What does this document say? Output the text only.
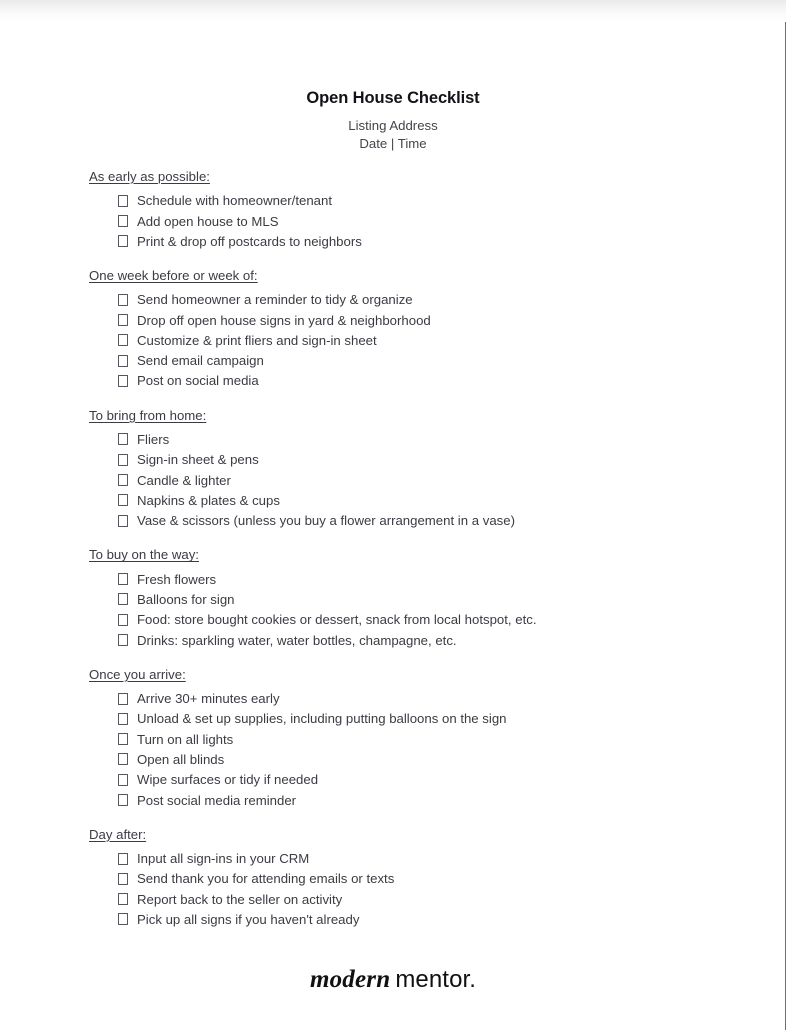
Open House Checklist

Listing Address

Date | Time

As early as possible:
Schedule with homeowner/tenant
Add open house to MLS
Print & drop off postcards to neighbors
One week before or week of:
Send homeowner a reminder to tidy & organize
Drop off open house signs in yard & neighborhood
Customize & print fliers and sign-in sheet
Send email campaign
Post on social media
To bring from home:
Fliers
Sign-in sheet & pens
Candle & lighter
Napkins & plates & cups
Vase & scissors (unless you buy a flower arrangement in a vase)
To buy on the way:
Fresh flowers
Balloons for sign
Food: store bought cookies or dessert, snack from local hotspot, etc.
Drinks: sparkling water, water bottles, champagne, etc.
Once you arrive:
Arrive 30+ minutes early
Unload & set up supplies, including putting balloons on the sign
Turn on all lights
Open all blinds
Wipe surfaces or tidy if needed
Post social media reminder
Day after:
Input all sign-ins in your CRM
Send thank you for attending emails or texts
Report back to the seller on activity
Pick up all signs if you haven't already
modern mentor.
